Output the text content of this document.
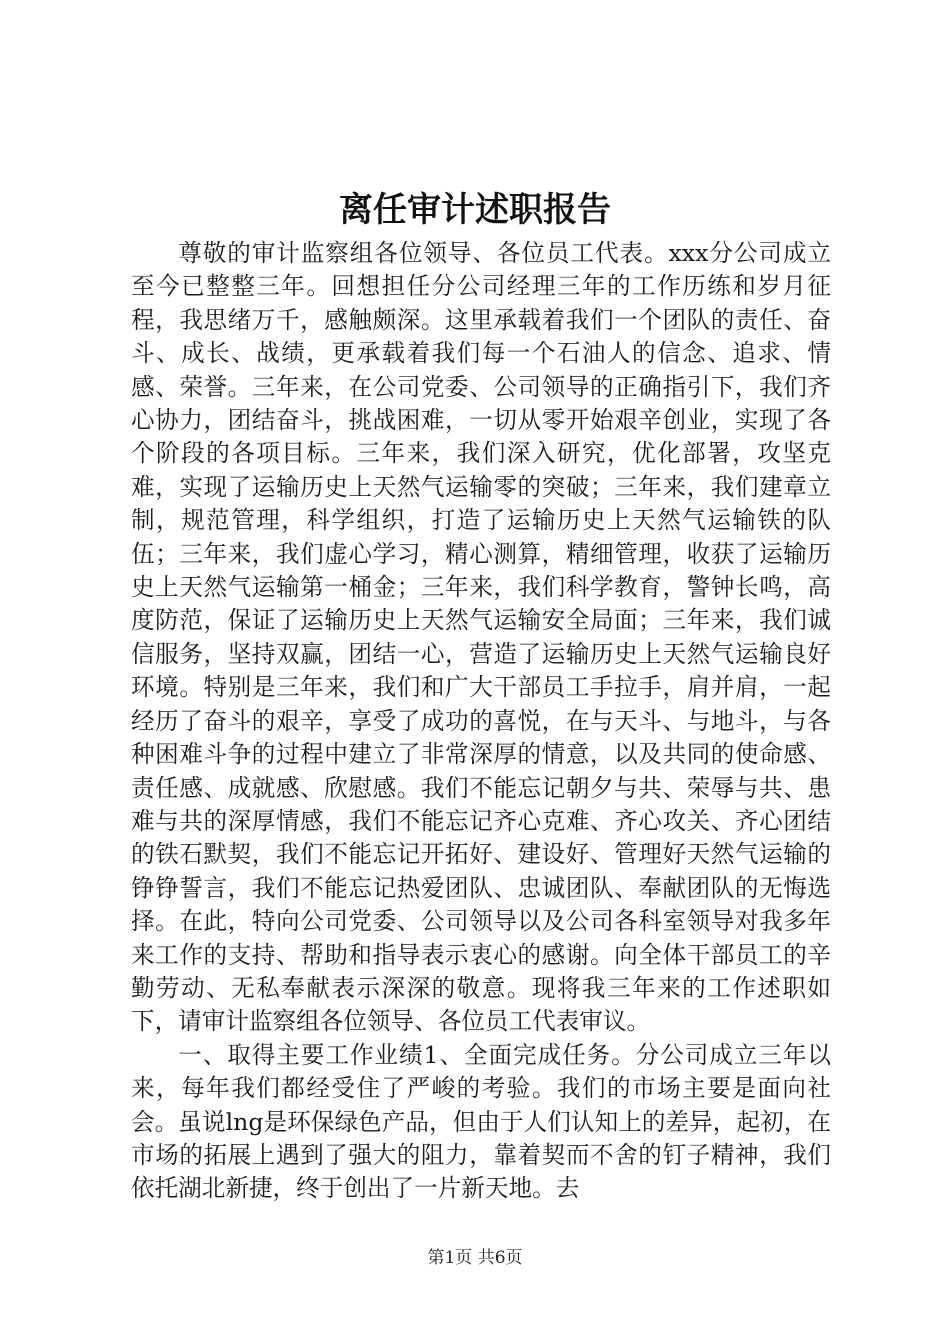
离任审计述职报告

尊敬的审计监察组各位领导、各位员工代表。xxx分公司成立至今已整整三年。回想担任分公司经理三年的工作历练和岁月征程，我思绪万千，感触颇深。这里承载着我们一个团队的责任、奋斗、成长、战绩，更承载着我们每一个石油人的信念、追求、情感、荣誉。三年来，在公司党委、公司领导的正确指引下，我们齐心协力，团结奋斗，挑战困难，一切从零开始艰辛创业，实现了各个阶段的各项目标。三年来，我们深入研究，优化部署，攻坚克难，实现了运输历史上天然气运输零的突破；三年来，我们建章立制，规范管理，科学组织，打造了运输历史上天然气运输铁的队伍；三年来，我们虚心学习，精心测算，精细管理，收获了运输历史上天然气运输第一桶金；三年来，我们科学教育，警钟长鸣，高度防范，保证了运输历史上天然气运输安全局面；三年来，我们诚信服务，坚持双赢，团结一心，营造了运输历史上天然气运输良好环境。特别是三年来，我们和广大干部员工手拉手，肩并肩，一起经历了奋斗的艰辛，享受了成功的喜悦，在与天斗、与地斗，与各种困难斗争的过程中建立了非常深厚的情意，以及共同的使命感、责任感、成就感、欣慰感。我们不能忘记朝夕与共、荣辱与共、患难与共的深厚情感，我们不能忘记齐心克难、齐心攻关、齐心团结的铁石默契，我们不能忘记开拓好、建设好、管理好天然气运输的铮铮誓言，我们不能忘记热爱团队、忠诚团队、奉献团队的无悔选择。在此，特向公司党委、公司领导以及公司各科室领导对我多年来工作的支持、帮助和指导表示衷心的感谢。向全体干部员工的辛勤劳动、无私奉献表示深深的敬意。现将我三年来的工作述职如下，请审计监察组各位领导、各位员工代表审议。

一、取得主要工作业绩1、全面完成任务。分公司成立三年以来，每年我们都经受住了严峻的考验。我们的市场主要是面向社会。虽说lng是环保绿色产品，但由于人们认知上的差异，起初，在市场的拓展上遇到了强大的阻力，靠着契而不舍的钉子精神，我们依托湖北新捷，终于创出了一片新天地。去

第1页 共6页
